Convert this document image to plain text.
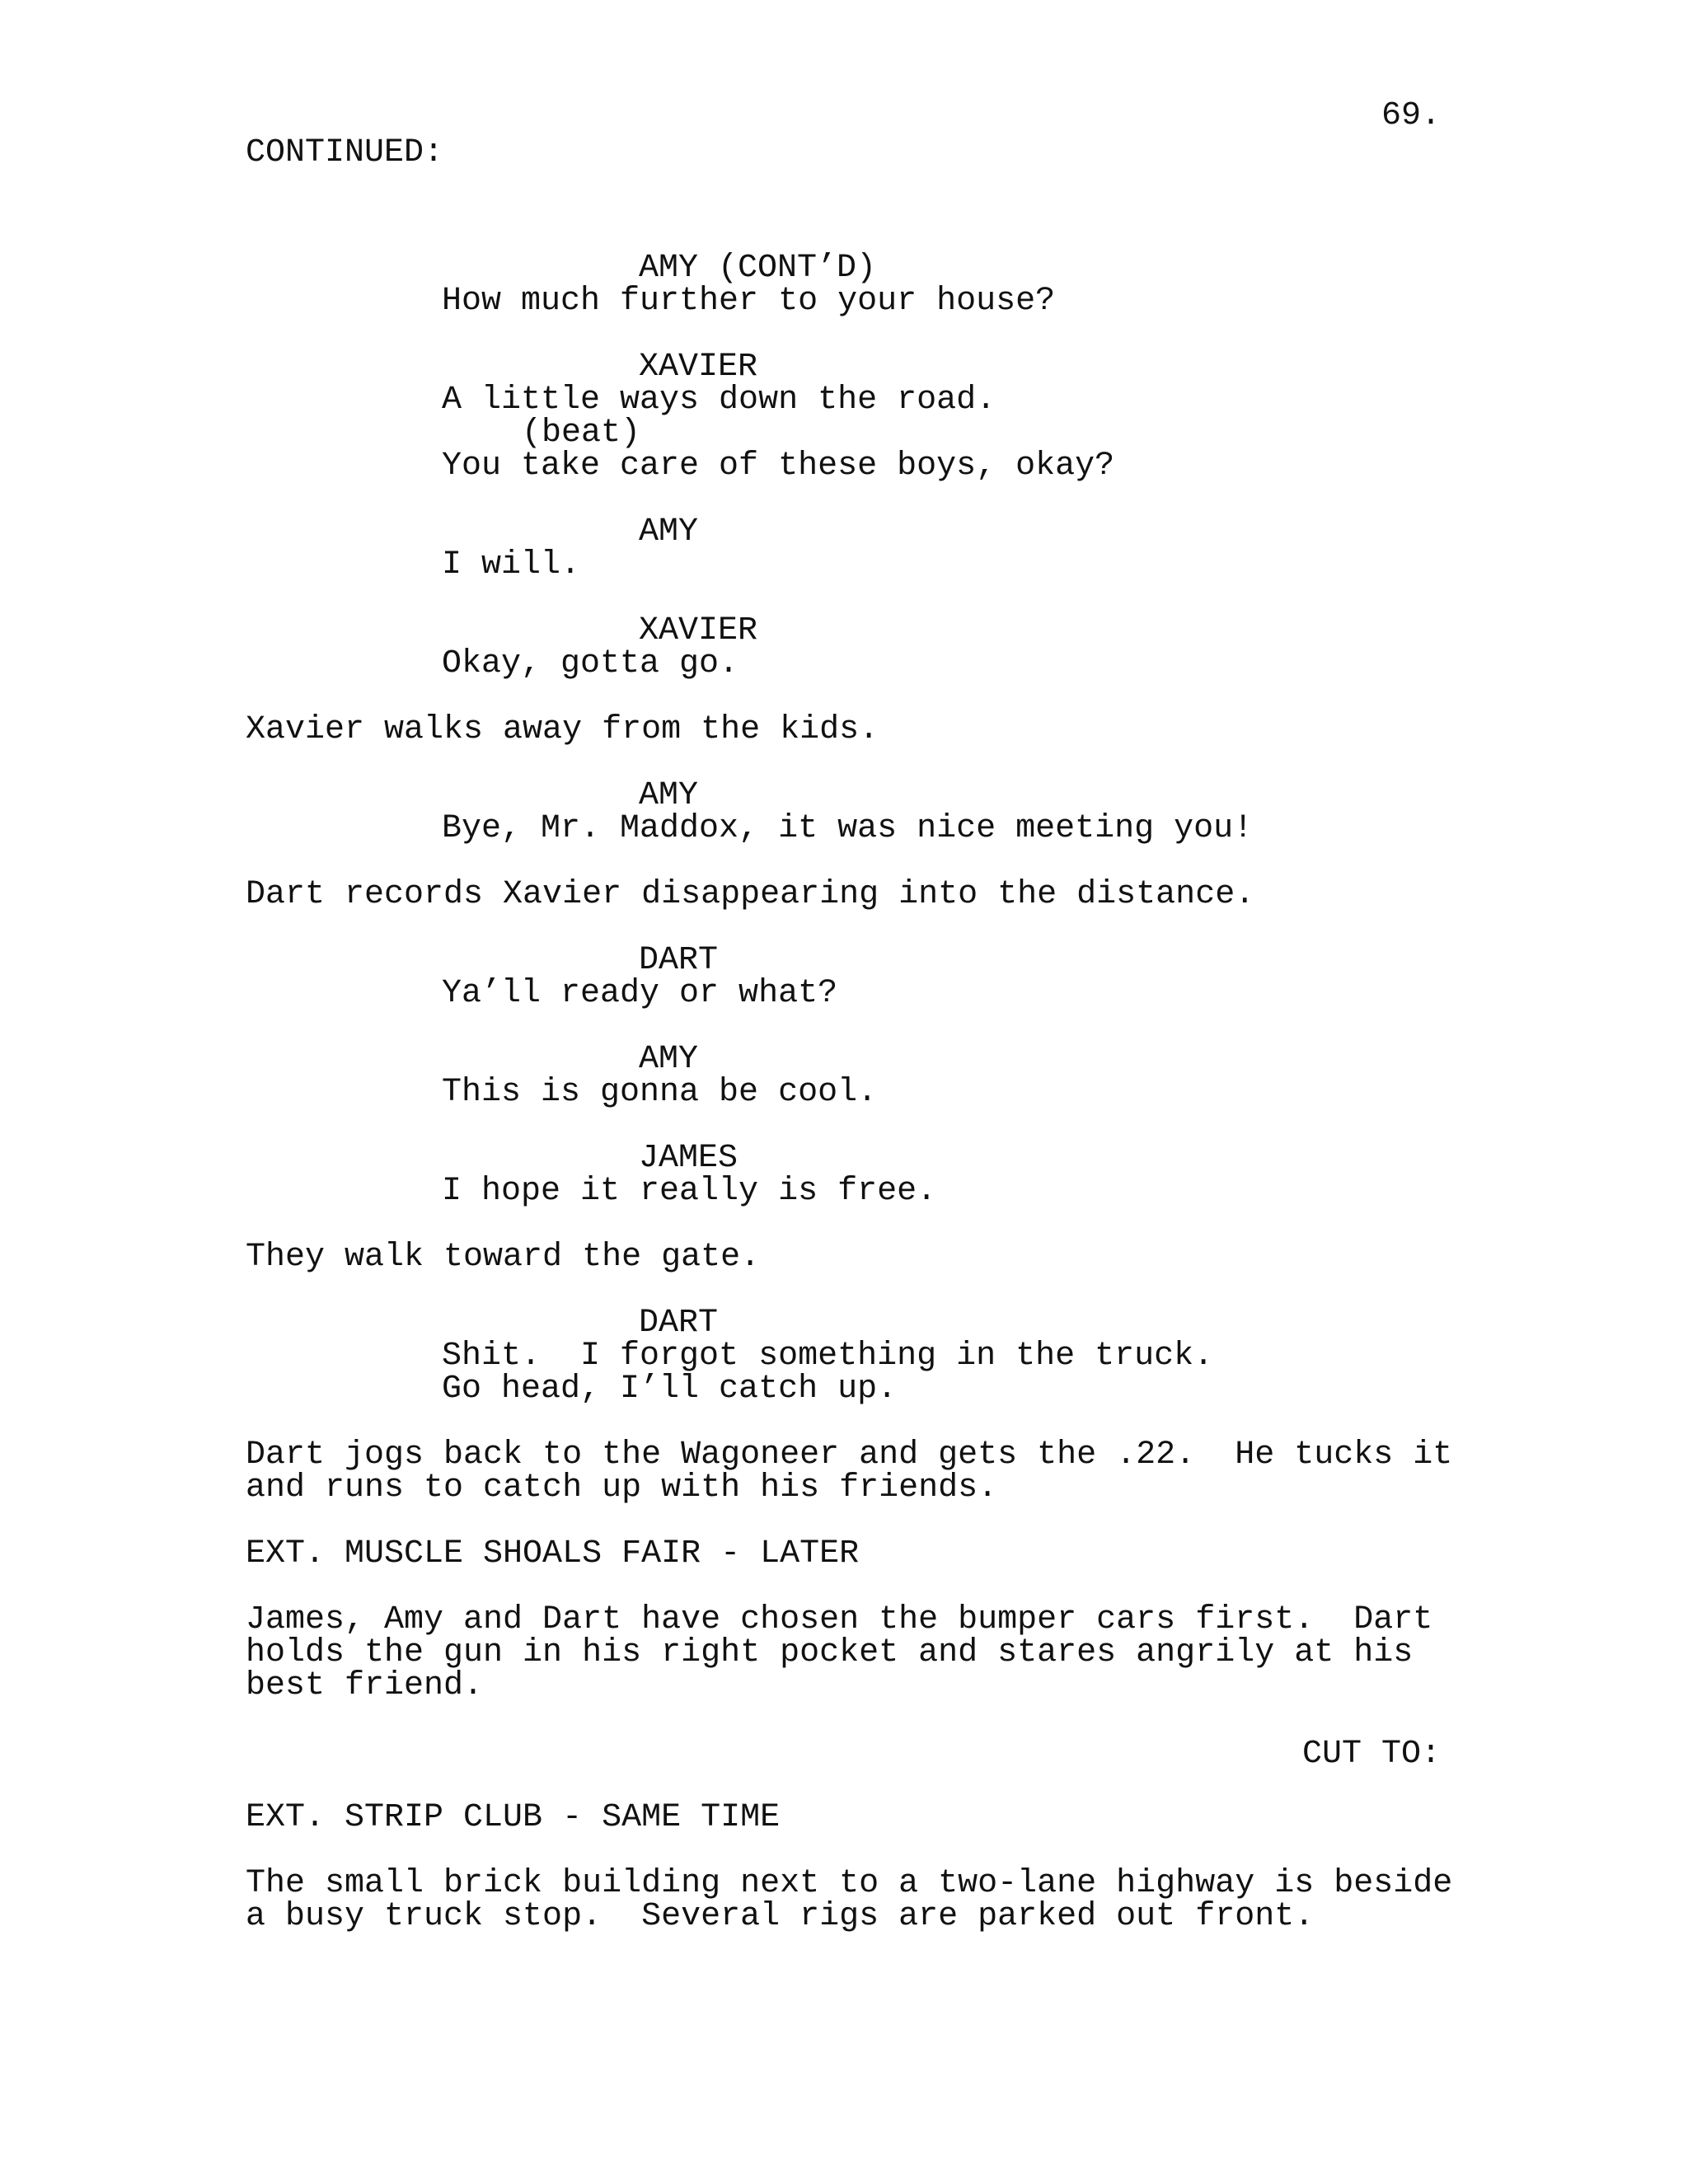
69.
CONTINUED:
AMY (CONT’D)
How much further to your house?
XAVIER
A little ways down the road.
(beat)
You take care of these boys, okay?
AMY
I will.
XAVIER
Okay, gotta go.
Xavier walks away from the kids.
AMY
Bye, Mr. Maddox, it was nice meeting you!
Dart records Xavier disappearing into the distance.
DART
Ya’ll ready or what?
AMY
This is gonna be cool.
JAMES
I hope it really is free.
They walk toward the gate.
DART
Shit.  I forgot something in the truck.
Go head, I’ll catch up.
Dart jogs back to the Wagoneer and gets the .22.  He tucks it
and runs to catch up with his friends.
EXT. MUSCLE SHOALS FAIR - LATER
James, Amy and Dart have chosen the bumper cars first.  Dart
holds the gun in his right pocket and stares angrily at his
best friend.
CUT TO:
EXT. STRIP CLUB - SAME TIME
The small brick building next to a two-lane highway is beside
a busy truck stop.  Several rigs are parked out front.
